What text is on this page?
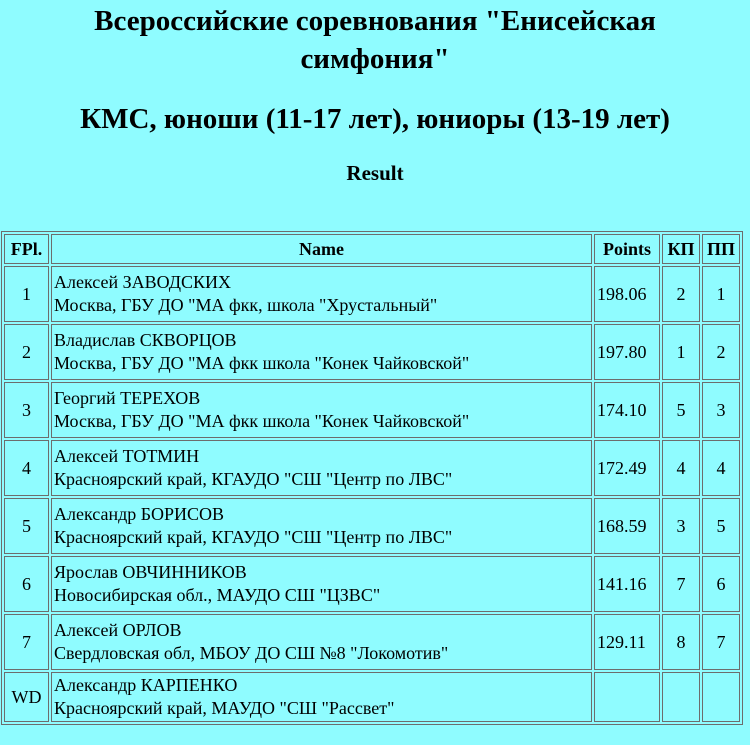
Всероссийские соревнования "Енисейская
симфония"
КМС, юноши (11-17 лет), юниоры (13-19 лет)
Result
FPl.	Name	Points	КП	ПП
1	Алексей ЗАВОДСКИХ
Москва, ГБУ ДО "МА фкк, школа "Хрустальный"	198.06	2	1
2	Владислав СКВОРЦОВ
Москва, ГБУ ДО "МА фкк школа "Конек Чайковской"	197.80	1	2
3	Георгий ТЕРЕХОВ
Москва, ГБУ ДО "МА фкк школа "Конек Чайковской"	174.10	5	3
4	Алексей ТОТМИН
Красноярский край, КГАУДО "СШ "Центр по ЛВС"	172.49	4	4
5	Александр БОРИСОВ
Красноярский край, КГАУДО "СШ "Центр по ЛВС"	168.59	3	5
6	Ярослав ОВЧИННИКОВ
Новосибирская обл., МАУДО СШ "ЦЗВС"	141.16	7	6
7	Алексей ОРЛОВ
Свердловская обл, МБОУ ДО СШ №8 "Локомотив"	129.11	8	7
WD	Александр КАРПЕНКО
Красноярский край, МАУДО "СШ "Рассвет"			
